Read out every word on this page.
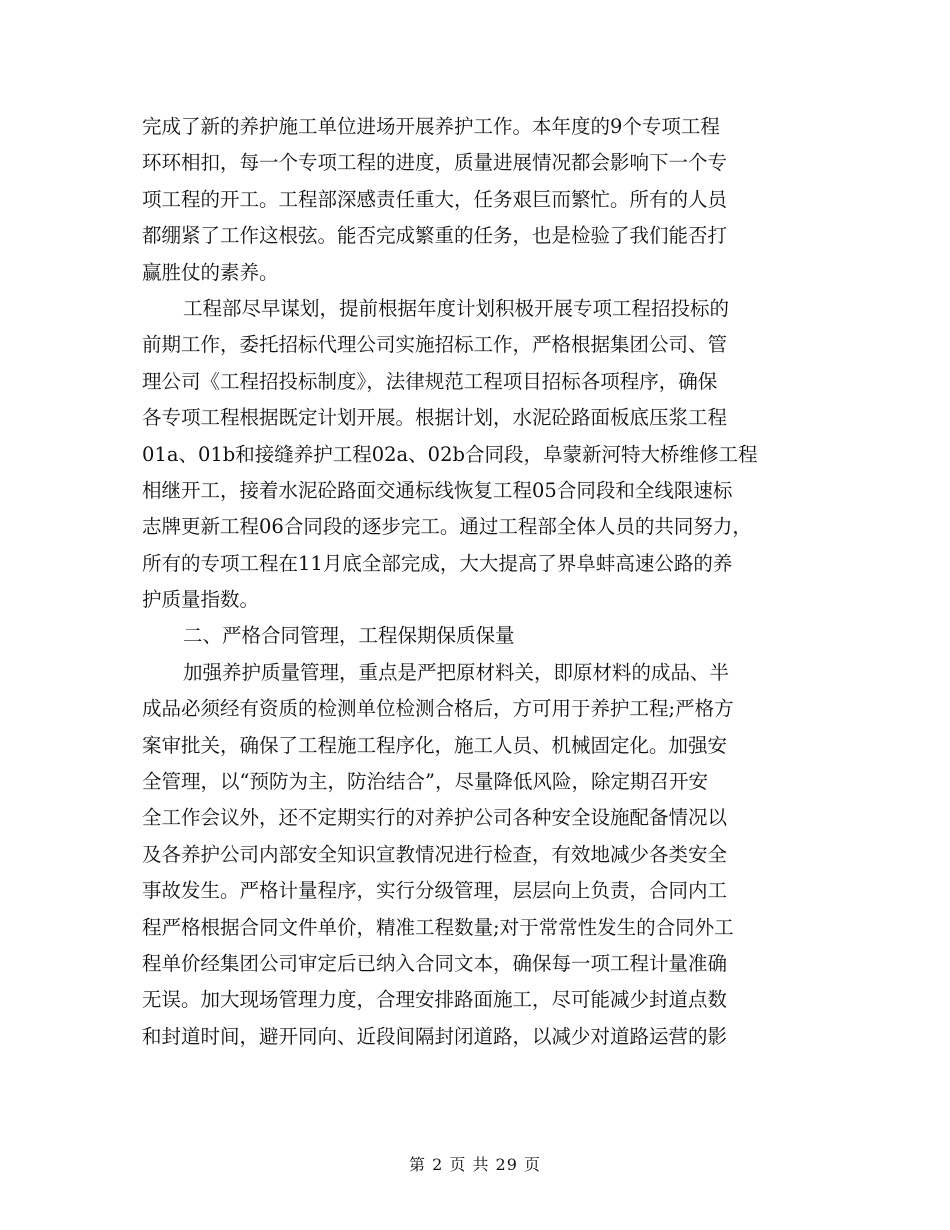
完成了新的养护施工单位进场开展养护工作。本年度的9个专项工程
环环相扣，每一个专项工程的进度，质量进展情况都会影响下一个专
项工程的开工。工程部深感责任重大，任务艰巨而繁忙。所有的人员
都绷紧了工作这根弦。能否完成繁重的任务，也是检验了我们能否打
赢胜仗的素养。
工程部尽早谋划，提前根据年度计划积极开展专项工程招投标的
前期工作，委托招标代理公司实施招标工作，严格根据集团公司、管
理公司《工程招投标制度》，法律规范工程项目招标各项程序，确保
各专项工程根据既定计划开展。根据计划，水泥砼路面板底压浆工程
01a、01b和接缝养护工程02a、02b合同段，阜蒙新河特大桥维修工程
相继开工，接着水泥砼路面交通标线恢复工程05合同段和全线限速标
志牌更新工程06合同段的逐步完工。通过工程部全体人员的共同努力，
所有的专项工程在11月底全部完成，大大提高了界阜蚌高速公路的养
护质量指数。
二、严格合同管理，工程保期保质保量
加强养护质量管理，重点是严把原材料关，即原材料的成品、半
成品必须经有资质的检测单位检测合格后，方可用于养护工程;严格方
案审批关，确保了工程施工程序化，施工人员、机械固定化。加强安
全管理，以“预防为主，防治结合”，尽量降低风险，除定期召开安
全工作会议外，还不定期实行的对养护公司各种安全设施配备情况以
及各养护公司内部安全知识宣教情况进行检查，有效地减少各类安全
事故发生。严格计量程序，实行分级管理，层层向上负责，合同内工
程严格根据合同文件单价，精准工程数量;对于常常性发生的合同外工
程单价经集团公司审定后已纳入合同文本，确保每一项工程计量准确
无误。加大现场管理力度，合理安排路面施工，尽可能减少封道点数
和封道时间，避开同向、近段间隔封闭道路，以减少对道路运营的影
第 2 页 共 29 页
